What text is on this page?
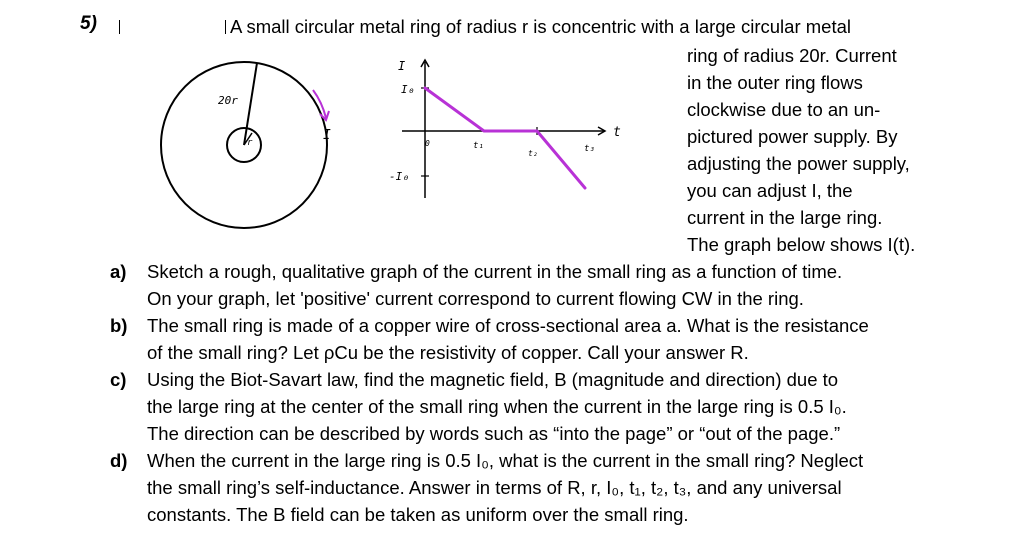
5)	A small circular metal ring of radius r is concentric with a large circular metal
ring of radius 20r. Current
in the outer ring flows
clockwise due to an un-
pictured power supply. By
adjusting the power supply,
you can adjust I, the
current in the large ring.
The graph below shows I(t).
20r
r	I
I
I₀
-I₀
0	t₁
t₂	t₃
t
a) Sketch a rough, qualitative graph of the current in the small ring as a function of time.
On your graph, let 'positive' current correspond to current flowing CW in the ring.
b) The small ring is made of a copper wire of cross-sectional area a. What is the resistance
of the small ring? Let ρCu be the resistivity of copper. Call your answer R.
c) Using the Biot-Savart law, find the magnetic field, B (magnitude and direction) due to
the large ring at the center of the small ring when the current in the large ring is 0.5 I₀.
The direction can be described by words such as “into the page” or “out of the page.”
d) When the current in the large ring is 0.5 I₀, what is the current in the small ring? Neglect
the small ring’s self-inductance. Answer in terms of R, r, I₀, t₁, t₂, t₃, and any universal
constants. The B field can be taken as uniform over the small ring.
